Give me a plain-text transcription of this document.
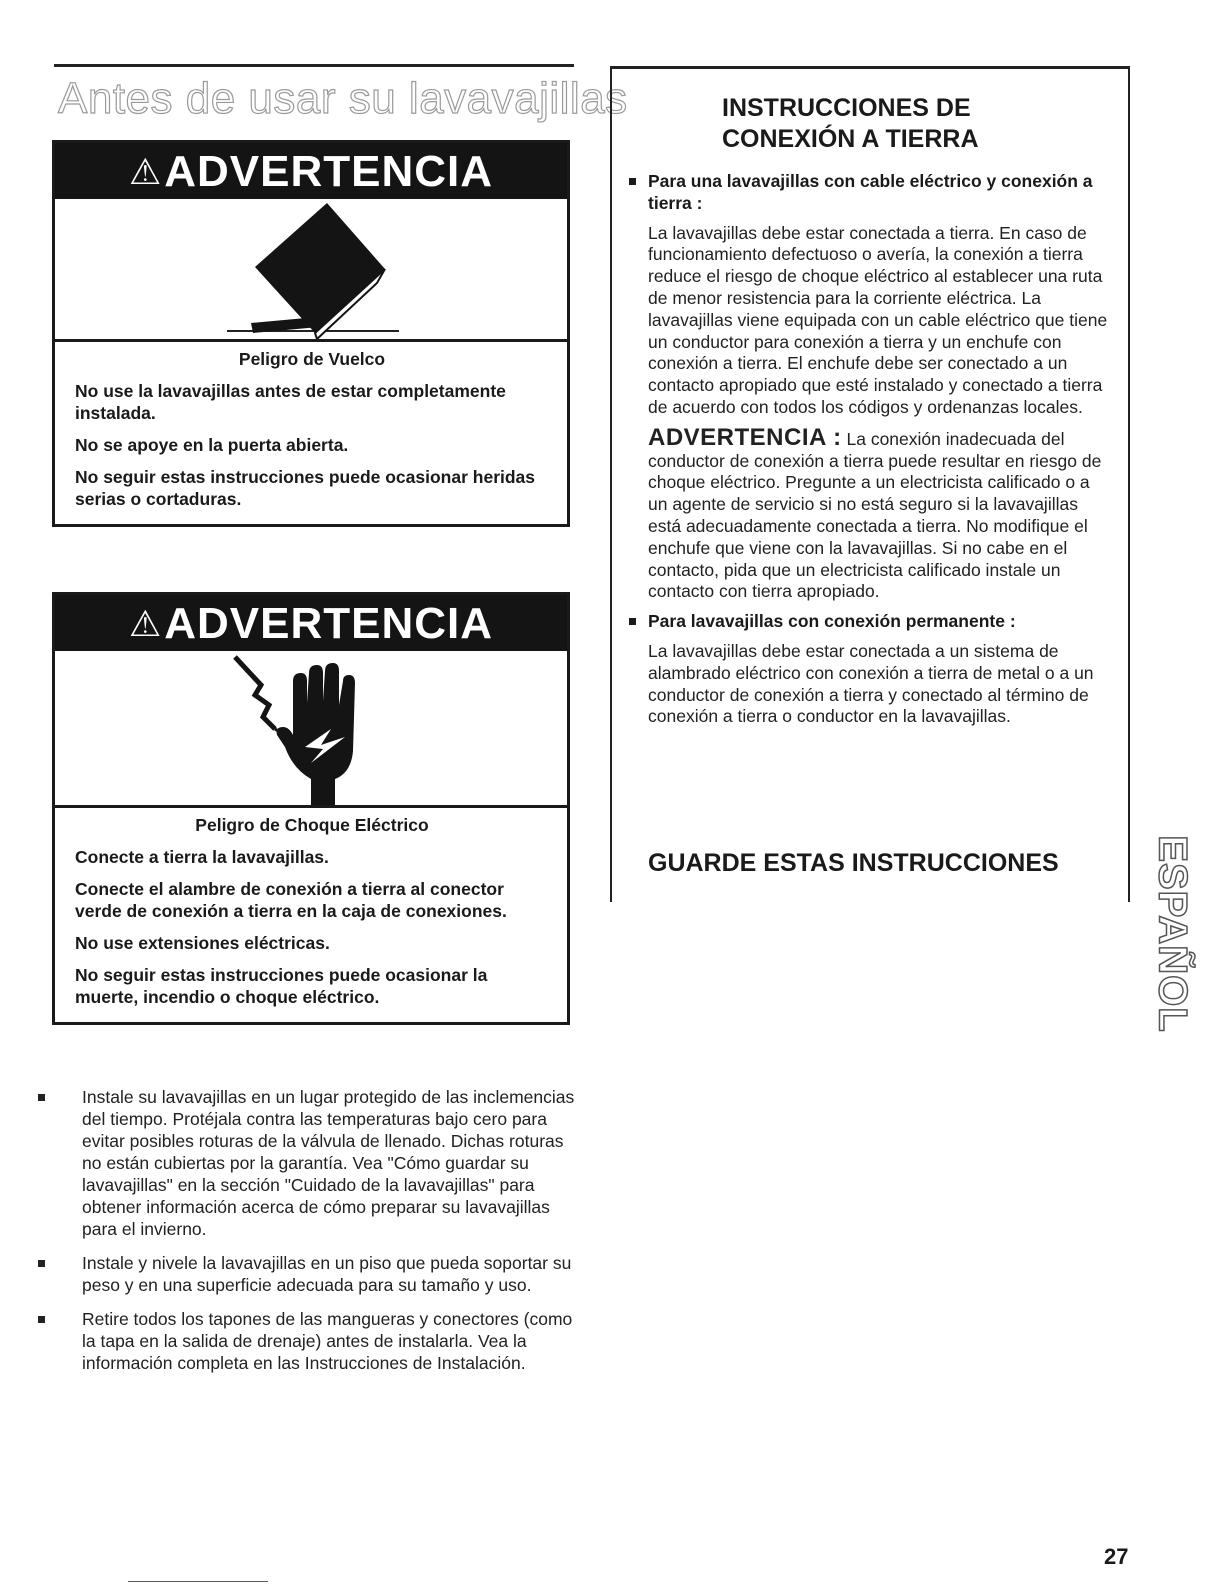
Antes de usar su lavavajillas
⚠ADVERTENCIA

Peligro de Vuelco

No use la lavavajillas antes de estar completamente instalada.

No se apoye en la puerta abierta.

No seguir estas instrucciones puede ocasionar heridas serias o cortaduras.

⚠ADVERTENCIA

Peligro de Choque Eléctrico

Conecte a tierra la lavavajillas.

Conecte el alambre de conexión a tierra al conector verde de conexión a tierra en la caja de conexiones.

No use extensiones eléctricas.

No seguir estas instrucciones puede ocasionar la muerte, incendio o choque eléctrico.

Instale su lavavajillas en un lugar protegido de las inclemencias del tiempo. Protéjala contra las temperaturas bajo cero para evitar posibles roturas de la válvula de llenado. Dichas roturas no están cubiertas por la garantía. Vea "Cómo guardar su lavavajillas" en la sección "Cuidado de la lavavajillas" para obtener información acerca de cómo preparar su lavavajillas para el invierno.
Instale y nivele la lavavajillas en un piso que pueda soportar su peso y en una superficie adecuada para su tamaño y uso.
Retire todos los tapones de las mangueras y conectores (como la tapa en la salida de drenaje) antes de instalarla. Vea la información completa en las Instrucciones de Instalación.
INSTRUCCIONES DE
CONEXIÓN A TIERRA

Para una lavavajillas con cable eléctrico y conexión a tierra :

La lavavajillas debe estar conectada a tierra. En caso de funcionamiento defectuoso o avería, la conexión a tierra reduce el riesgo de choque eléctrico al establecer una ruta de menor resistencia para la corriente eléctrica. La lavavajillas viene equipada con un cable eléctrico que tiene un conductor para conexión a tierra y un enchufe con conexión a tierra. El enchufe debe ser conectado a un contacto apropiado que esté instalado y conectado a tierra de acuerdo con todos los códigos y ordenanzas locales.

ADVERTENCIA : La conexión inadecuada del conductor de conexión a tierra puede resultar en riesgo de choque eléctrico. Pregunte a un electricista calificado o a un agente de servicio si no está seguro si la lavavajillas está adecuadamente conectada a tierra. No modifique el enchufe que viene con la lavavajillas. Si no cabe en el contacto, pida que un electricista calificado instale un contacto con tierra apropiado.

Para lavavajillas con conexión permanente :

La lavavajillas debe estar conectada a un sistema de alambrado eléctrico con conexión a tierra de metal o a un conductor de conexión a tierra y conectado al término de conexión a tierra o conductor en la lavavajillas.

GUARDE ESTAS INSTRUCCIONES ESPAÑOL
27
